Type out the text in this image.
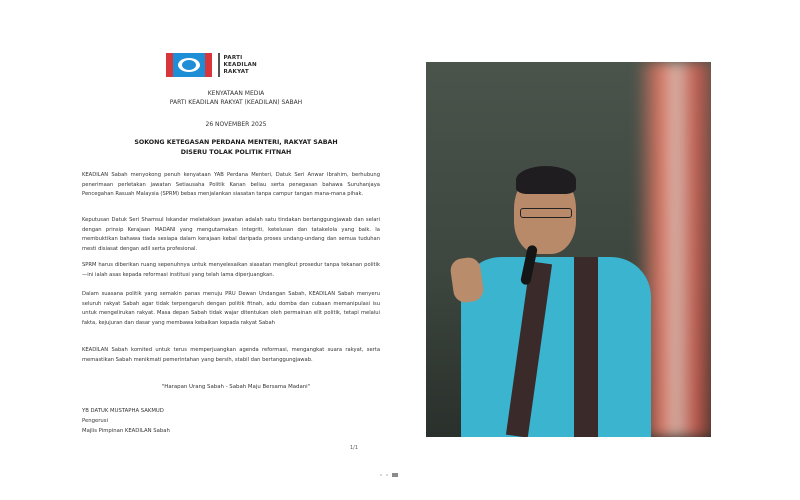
PARTI
KEADILAN
RAKYAT
KENYATAAN MEDIA
PARTI KEADILAN RAKYAT (KEADILAN) SABAH
26 NOVEMBER 2025
SOKONG KETEGASAN PERDANA MENTERI, RAKYAT SABAH
DISERU TOLAK POLITIK FITNAH
KEADILAN Sabah menyokong penuh kenyataan YAB Perdana Menteri, Datuk Seri Anwar Ibrahim, berhubung penerimaan perletakan jawatan Setiausaha Politik Kanan beliau serta penegasan bahawa Suruhanjaya Pencegahan Rasuah Malaysia (SPRM) bebas menjalankan siasatan tanpa campur tangan mana-mana pihak.
Keputusan Datuk Seri Shamsul Iskandar meletakkan jawatan adalah satu tindakan bertanggungjawab dan selari dengan prinsip Kerajaan MADANI yang mengutamakan integriti, ketelusan dan tatakelola yang baik. Ia membuktikan bahawa tiada sesiapa dalam kerajaan kebal daripada proses undang-undang dan semua tuduhan mesti disiasat dengan adil serta profesional.
SPRM harus diberikan ruang sepenuhnya untuk menyelesaikan siasatan mengikut prosedur tanpa tekanan politik—ini ialah asas kepada reformasi institusi yang telah lama diperjuangkan.
Dalam suasana politik yang semakin panas menuju PRU Dewan Undangan Sabah, KEADILAN Sabah menyeru seluruh rakyat Sabah agar tidak terpengaruh dengan politik fitnah, adu domba dan cubaan memanipulasi isu untuk mengelirukan rakyat. Masa depan Sabah tidak wajar ditentukan oleh permainan elit politik, tetapi melalui fakta, kejujuran dan dasar yang membawa kebaikan kepada rakyat Sabah
KEADILAN Sabah komited untuk terus memperjuangkan agenda reformasi, mengangkat suara rakyat, serta memastikan Sabah menikmati pemerintahan yang bersih, stabil dan bertanggungjawab.
"Harapan Urang Sabah - Sabah Maju Bersama Madani"
YB DATUK MUSTAPHA SAKMUD
Pengerusi
Majlis Pimpinan KEADILAN Sabah
1/1
